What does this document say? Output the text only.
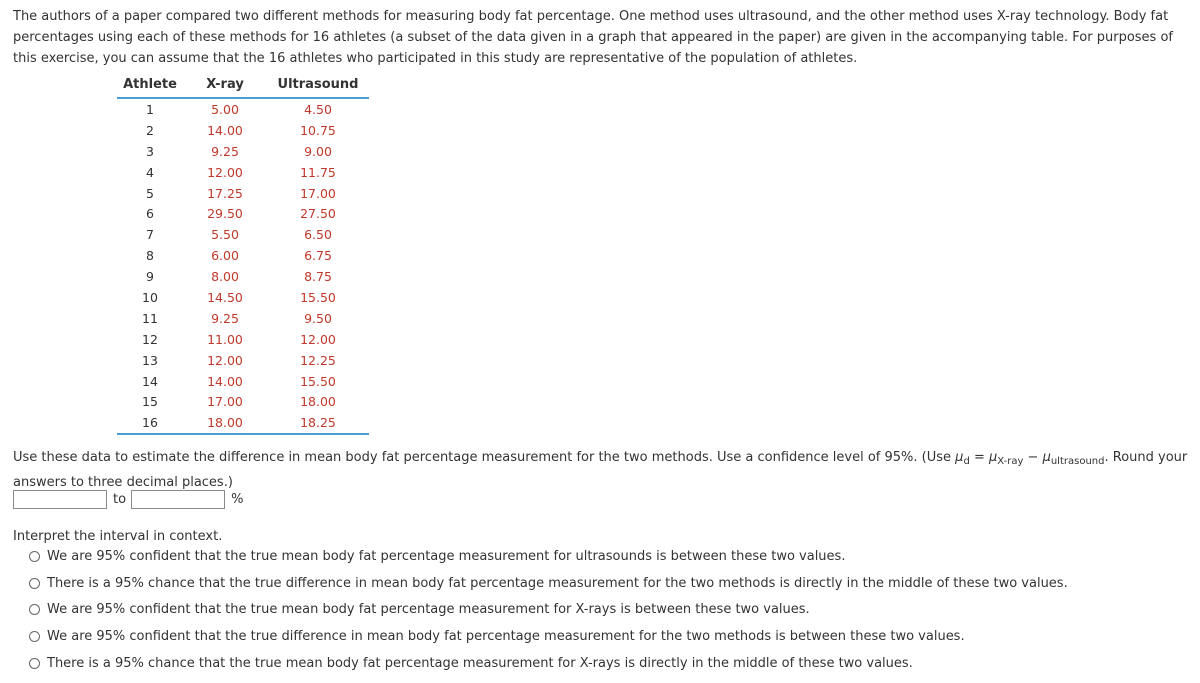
The authors of a paper compared two different methods for measuring body fat percentage. One method uses ultrasound, and the other method uses X-ray technology. Body fat percentages using each of these methods for 16 athletes (a subset of the data given in a graph that appeared in the paper) are given in the accompanying table. For purposes of this exercise, you can assume that the 16 athletes who participated in this study are representative of the population of athletes.
Athlete	X-ray	Ultrasound
1	5.00	4.50
2	14.00	10.75
3	9.25	9.00
4	12.00	11.75
5	17.25	17.00
6	29.50	27.50
7	5.50	6.50
8	6.00	6.75
9	8.00	8.75
10	14.50	15.50
11	9.25	9.50
12	11.00	12.00
13	12.00	12.25
14	14.00	15.50
15	17.00	18.00
16	18.00	18.25
Use these data to estimate the difference in mean body fat percentage measurement for the two methods. Use a confidence level of 95%. (Use $\mu_d = \mu_{X-ray} - \mu_{ultrasound}$. Round your answers to three decimal places.)
to	%
Interpret the interval in context.
We are 95% confident that the true mean body fat percentage measurement for ultrasounds is between these two values.
There is a 95% chance that the true difference in mean body fat percentage measurement for the two methods is directly in the middle of these two values.
We are 95% confident that the true mean body fat percentage measurement for X-rays is between these two values.
We are 95% confident that the true difference in mean body fat percentage measurement for the two methods is between these two values.
There is a 95% chance that the true mean body fat percentage measurement for X-rays is directly in the middle of these two values.
